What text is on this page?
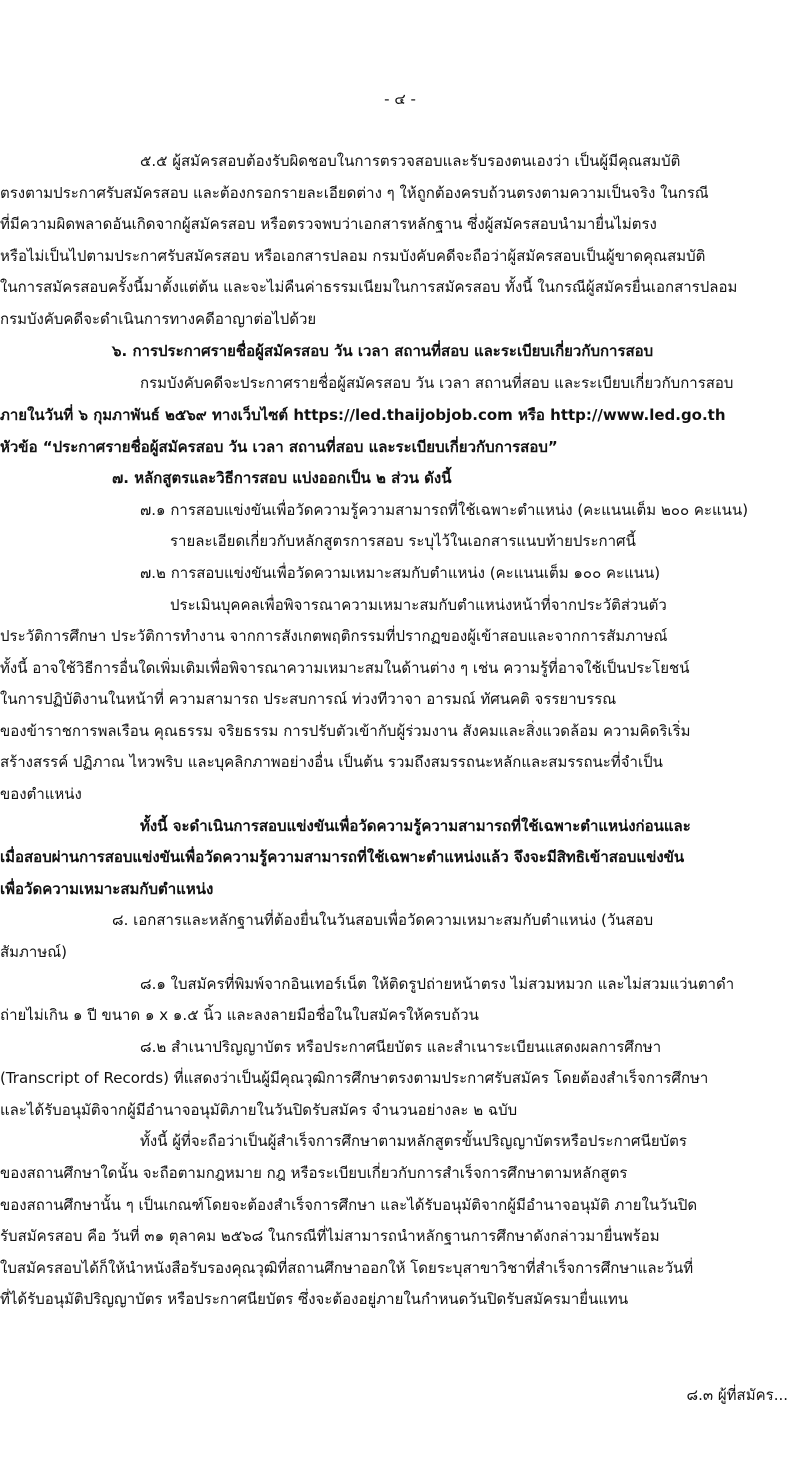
- ๔ -
๕.๕ ผู้สมัครสอบต้องรับผิดชอบในการตรวจสอบและรับรองตนเองว่า เป็นผู้มีคุณสมบัติ
ตรงตามประกาศรับสมัครสอบ และต้องกรอกรายละเอียดต่าง ๆ ให้ถูกต้องครบถ้วนตรงตามความเป็นจริง ในกรณี
ที่มีความผิดพลาดอันเกิดจากผู้สมัครสอบ หรือตรวจพบว่าเอกสารหลักฐาน ซึ่งผู้สมัครสอบนำมายื่นไม่ตรง
หรือไม่เป็นไปตามประกาศรับสมัครสอบ หรือเอกสารปลอม กรมบังคับคดีจะถือว่าผู้สมัครสอบเป็นผู้ขาดคุณสมบัติ
ในการสมัครสอบครั้งนี้มาตั้งแต่ต้น และจะไม่คืนค่าธรรมเนียมในการสมัครสอบ ทั้งนี้ ในกรณีผู้สมัครยื่นเอกสารปลอม
กรมบังคับคดีจะดำเนินการทางคดีอาญาต่อไปด้วย
๖. การประกาศรายชื่อผู้สมัครสอบ วัน เวลา สถานที่สอบ และระเบียบเกี่ยวกับการสอบ
กรมบังคับคดีจะประกาศรายชื่อผู้สมัครสอบ วัน เวลา สถานที่สอบ และระเบียบเกี่ยวกับการสอบ
ภายในวันที่ ๖ กุมภาพันธ์ ๒๕๖๙ ทางเว็บไซต์ https://led.thaijobjob.com หรือ http://www.led.go.th
หัวข้อ “ประกาศรายชื่อผู้สมัครสอบ วัน เวลา สถานที่สอบ และระเบียบเกี่ยวกับการสอบ”
๗. หลักสูตรและวิธีการสอบ แบ่งออกเป็น ๒ ส่วน ดังนี้
๗.๑ การสอบแข่งขันเพื่อวัดความรู้ความสามารถที่ใช้เฉพาะตำแหน่ง (คะแนนเต็ม ๒๐๐ คะแนน)
รายละเอียดเกี่ยวกับหลักสูตรการสอบ ระบุไว้ในเอกสารแนบท้ายประกาศนี้
๗.๒ การสอบแข่งขันเพื่อวัดความเหมาะสมกับตำแหน่ง (คะแนนเต็ม ๑๐๐ คะแนน)
ประเมินบุคคลเพื่อพิจารณาความเหมาะสมกับตำแหน่งหน้าที่จากประวัติส่วนตัว
ประวัติการศึกษา ประวัติการทำงาน จากการสังเกตพฤติกรรมที่ปรากฏของผู้เข้าสอบและจากการสัมภาษณ์
ทั้งนี้ อาจใช้วิธีการอื่นใดเพิ่มเติมเพื่อพิจารณาความเหมาะสมในด้านต่าง ๆ เช่น ความรู้ที่อาจใช้เป็นประโยชน์
ในการปฏิบัติงานในหน้าที่ ความสามารถ ประสบการณ์ ท่วงทีวาจา อารมณ์ ทัศนคติ จรรยาบรรณ
ของข้าราชการพลเรือน คุณธรรม จริยธรรม การปรับตัวเข้ากับผู้ร่วมงาน สังคมและสิ่งแวดล้อม ความคิดริเริ่ม
สร้างสรรค์ ปฏิภาณ ไหวพริบ และบุคลิกภาพอย่างอื่น เป็นต้น รวมถึงสมรรถนะหลักและสมรรถนะที่จำเป็น
ของตำแหน่ง
ทั้งนี้ จะดำเนินการสอบแข่งขันเพื่อวัดความรู้ความสามารถที่ใช้เฉพาะตำแหน่งก่อนและ
เมื่อสอบผ่านการสอบแข่งขันเพื่อวัดความรู้ความสามารถที่ใช้เฉพาะตำแหน่งแล้ว จึงจะมีสิทธิเข้าสอบแข่งขัน
เพื่อวัดความเหมาะสมกับตำแหน่ง
๘. เอกสารและหลักฐานที่ต้องยื่นในวันสอบเพื่อวัดความเหมาะสมกับตำแหน่ง (วันสอบ
สัมภาษณ์)
๘.๑ ใบสมัครที่พิมพ์จากอินเทอร์เน็ต ให้ติดรูปถ่ายหน้าตรง ไม่สวมหมวก และไม่สวมแว่นตาดำ
ถ่ายไม่เกิน ๑ ปี ขนาด ๑ x ๑.๕ นิ้ว และลงลายมือชื่อในใบสมัครให้ครบถ้วน
๘.๒ สำเนาปริญญาบัตร หรือประกาศนียบัตร และสำเนาระเบียนแสดงผลการศึกษา
(Transcript of Records) ที่แสดงว่าเป็นผู้มีคุณวุฒิการศึกษาตรงตามประกาศรับสมัคร โดยต้องสำเร็จการศึกษา
และได้รับอนุมัติจากผู้มีอำนาจอนุมัติภายในวันปิดรับสมัคร จำนวนอย่างละ ๒ ฉบับ
ทั้งนี้ ผู้ที่จะถือว่าเป็นผู้สำเร็จการศึกษาตามหลักสูตรขั้นปริญญาบัตรหรือประกาศนียบัตร
ของสถานศึกษาใดนั้น จะถือตามกฎหมาย กฎ หรือระเบียบเกี่ยวกับการสำเร็จการศึกษาตามหลักสูตร
ของสถานศึกษานั้น ๆ เป็นเกณฑ์โดยจะต้องสำเร็จการศึกษา และได้รับอนุมัติจากผู้มีอำนาจอนุมัติ ภายในวันปิด
รับสมัครสอบ คือ วันที่ ๓๑ ตุลาคม ๒๕๖๘ ในกรณีที่ไม่สามารถนำหลักฐานการศึกษาดังกล่าวมายื่นพร้อม
ใบสมัครสอบได้ก็ให้นำหนังสือรับรองคุณวุฒิที่สถานศึกษาออกให้ โดยระบุสาขาวิชาที่สำเร็จการศึกษาและวันที่
ที่ได้รับอนุมัติปริญญาบัตร หรือประกาศนียบัตร ซึ่งจะต้องอยู่ภายในกำหนดวันปิดรับสมัครมายื่นแทน
๘.๓ ผู้ที่สมัคร...
